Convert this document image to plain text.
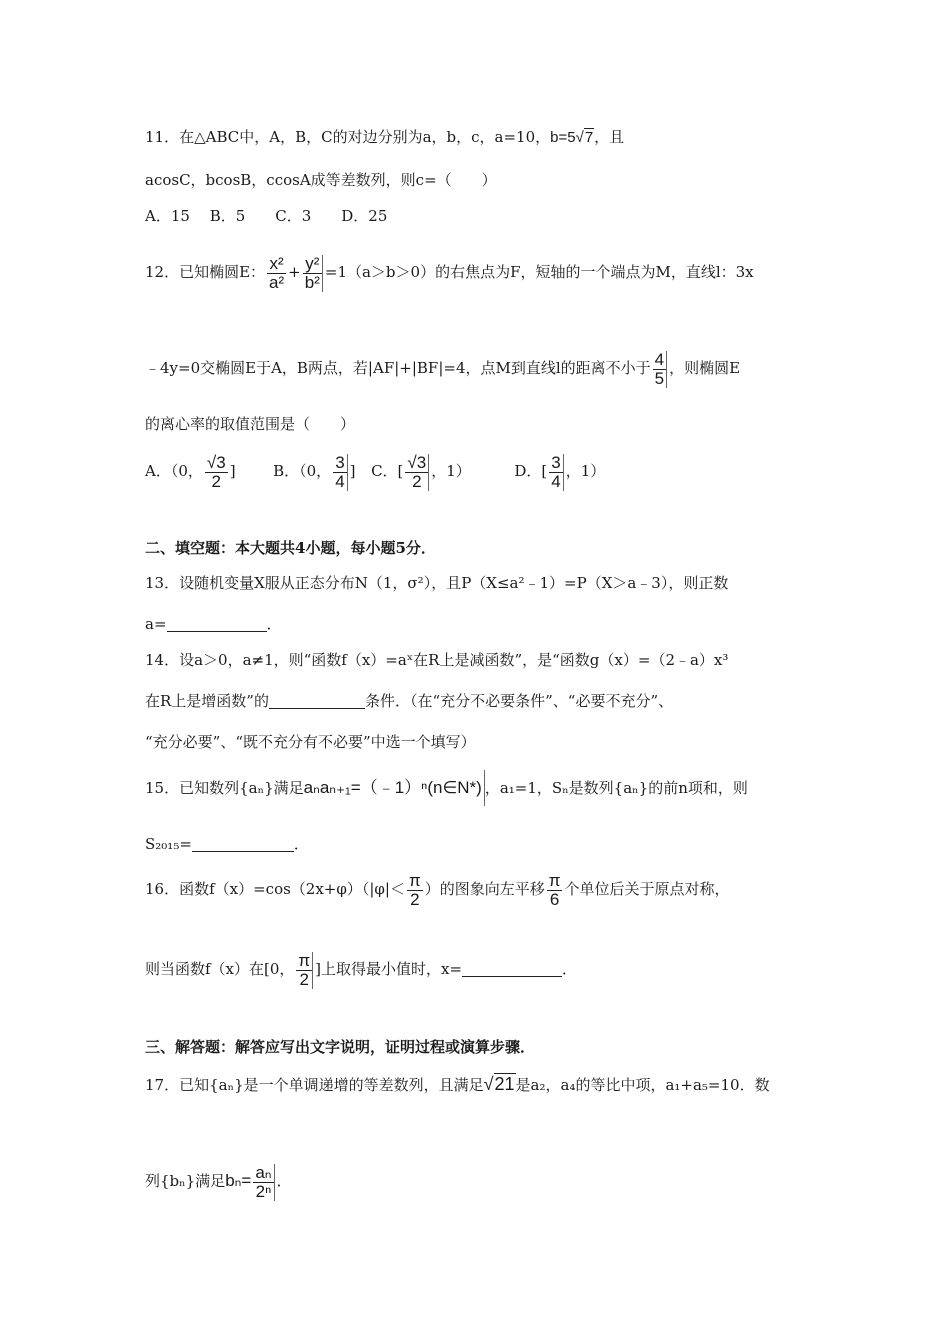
11．在△ABC中，A，B，C的对边分别为a，b，c，a=10，b=5√7，且
acosC，bcosB，ccosA成等差数列，则c=（　　）
A．15　 B．5　　C．3　　D．25
12．已知椭圆E： $\frac{\text{x²}}{\text{a²}} + \frac{\text{y²}}{\text{b²}} =1(a>b>0)$的右焦点为F，短轴的一个端点为M，直线l：3x
﹣4y=0交椭圆E于A，B两点，若|AF|+|BF|=4，点M到直线l的距离不小于 $\frac{4}{5}$ ，则椭圆E
的离心率的取值范围是（　　）
A．（0， $\frac{√3}{2}$ ]	B．（0， $\frac{3}{4}$ ] C．[ $\frac{√3}{2}$ ，1）	D．[ $\frac{3}{4}$ ，1）
二、填空题：本大题共4小题，每小题5分．
13．设随机变量X服从正态分布N（1，σ²），且P（X≤a²﹣1）=P（X＞a﹣3），则正数
a=	．
14．设a＞0，a≠1，则“函数f（x）=aˣ在R上是减函数”，是“函数g（x）=（2﹣a）x³
在R上是增函数”的	条件．（在“充分不必要条件”、“必要不充分”、
“充分必要”、“既不充分有不必要”中选一个填写）
15．已知数列{aₙ}满足aₙaₙ₊₁=（﹣1）ⁿ(n∈N*) ，a₁=1，Sₙ是数列{aₙ}的前n项和，则
S₂₀₁₅=	．
16．函数$f(x)=\cos(2x+\varphi)(|\varphi|< \frac{\pi}{2}$ ）的图象向左平移 $\frac{\pi}{6}$ 个单位后关于原点对称，
则当函数f（x）在[0， $\frac{\pi}{2}$ ]上取得最小值时，x=	．
三、解答题：解答应写出文字说明，证明过程或演算步骤．
17．已知{aₙ}是一个单调递增的等差数列，且满足√21是a₂，a₄的等比中项，a₁+a₅=10．数
列{bₙ}满足$b_n= \frac{\text{aₙ}}{\text{2ⁿ}}$ ．
